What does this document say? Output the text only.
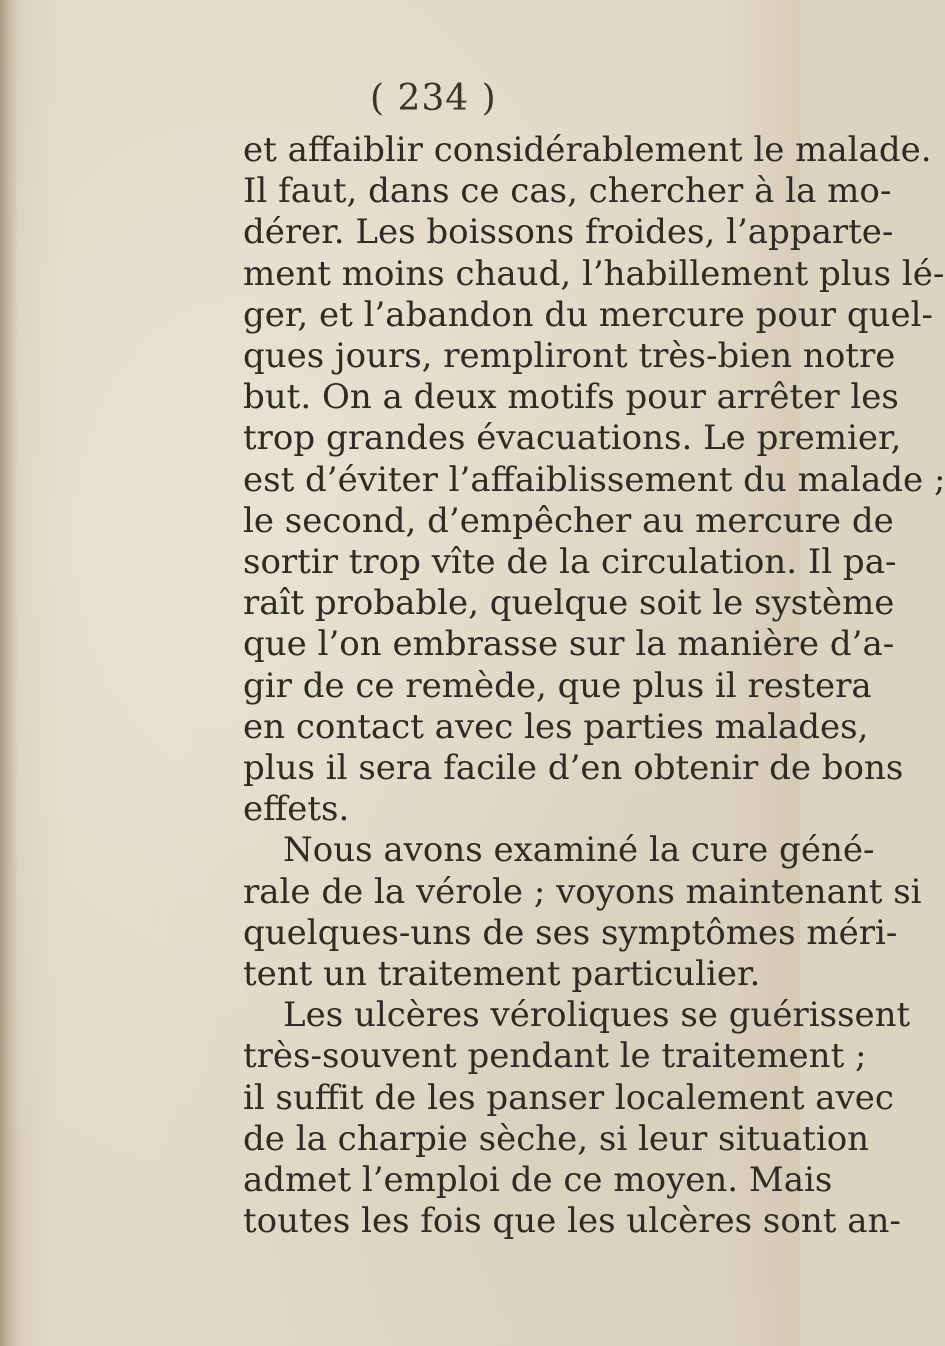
( 234 )
et affaiblir considérablement le malade.
Il faut, dans ce cas, chercher à la mo-
dérer. Les boissons froides, l’apparte-
ment moins chaud, l’habillement plus lé-
ger, et l’abandon du mercure pour quel-
ques jours, rempliront très-bien notre
but. On a deux motifs pour arrêter les
trop grandes évacuations. Le premier,
est d’éviter l’affaiblissement du malade ;
le second, d’empêcher au mercure de
sortir trop vîte de la circulation. Il pa-
raît probable, quelque soit le système
que l’on embrasse sur la manière d’a-
gir de ce remède, que plus il restera
en contact avec les parties malades,
plus il sera facile d’en obtenir de bons
effets.
Nous avons examiné la cure géné-
rale de la vérole ; voyons maintenant si
quelques-uns de ses symptômes méri-
tent un traitement particulier.
Les ulcères véroliques se guérissent
très-souvent pendant le traitement ;
il suffit de les panser localement avec
de la charpie sèche, si leur situation
admet l’emploi de ce moyen. Mais
toutes les fois que les ulcères sont an-
